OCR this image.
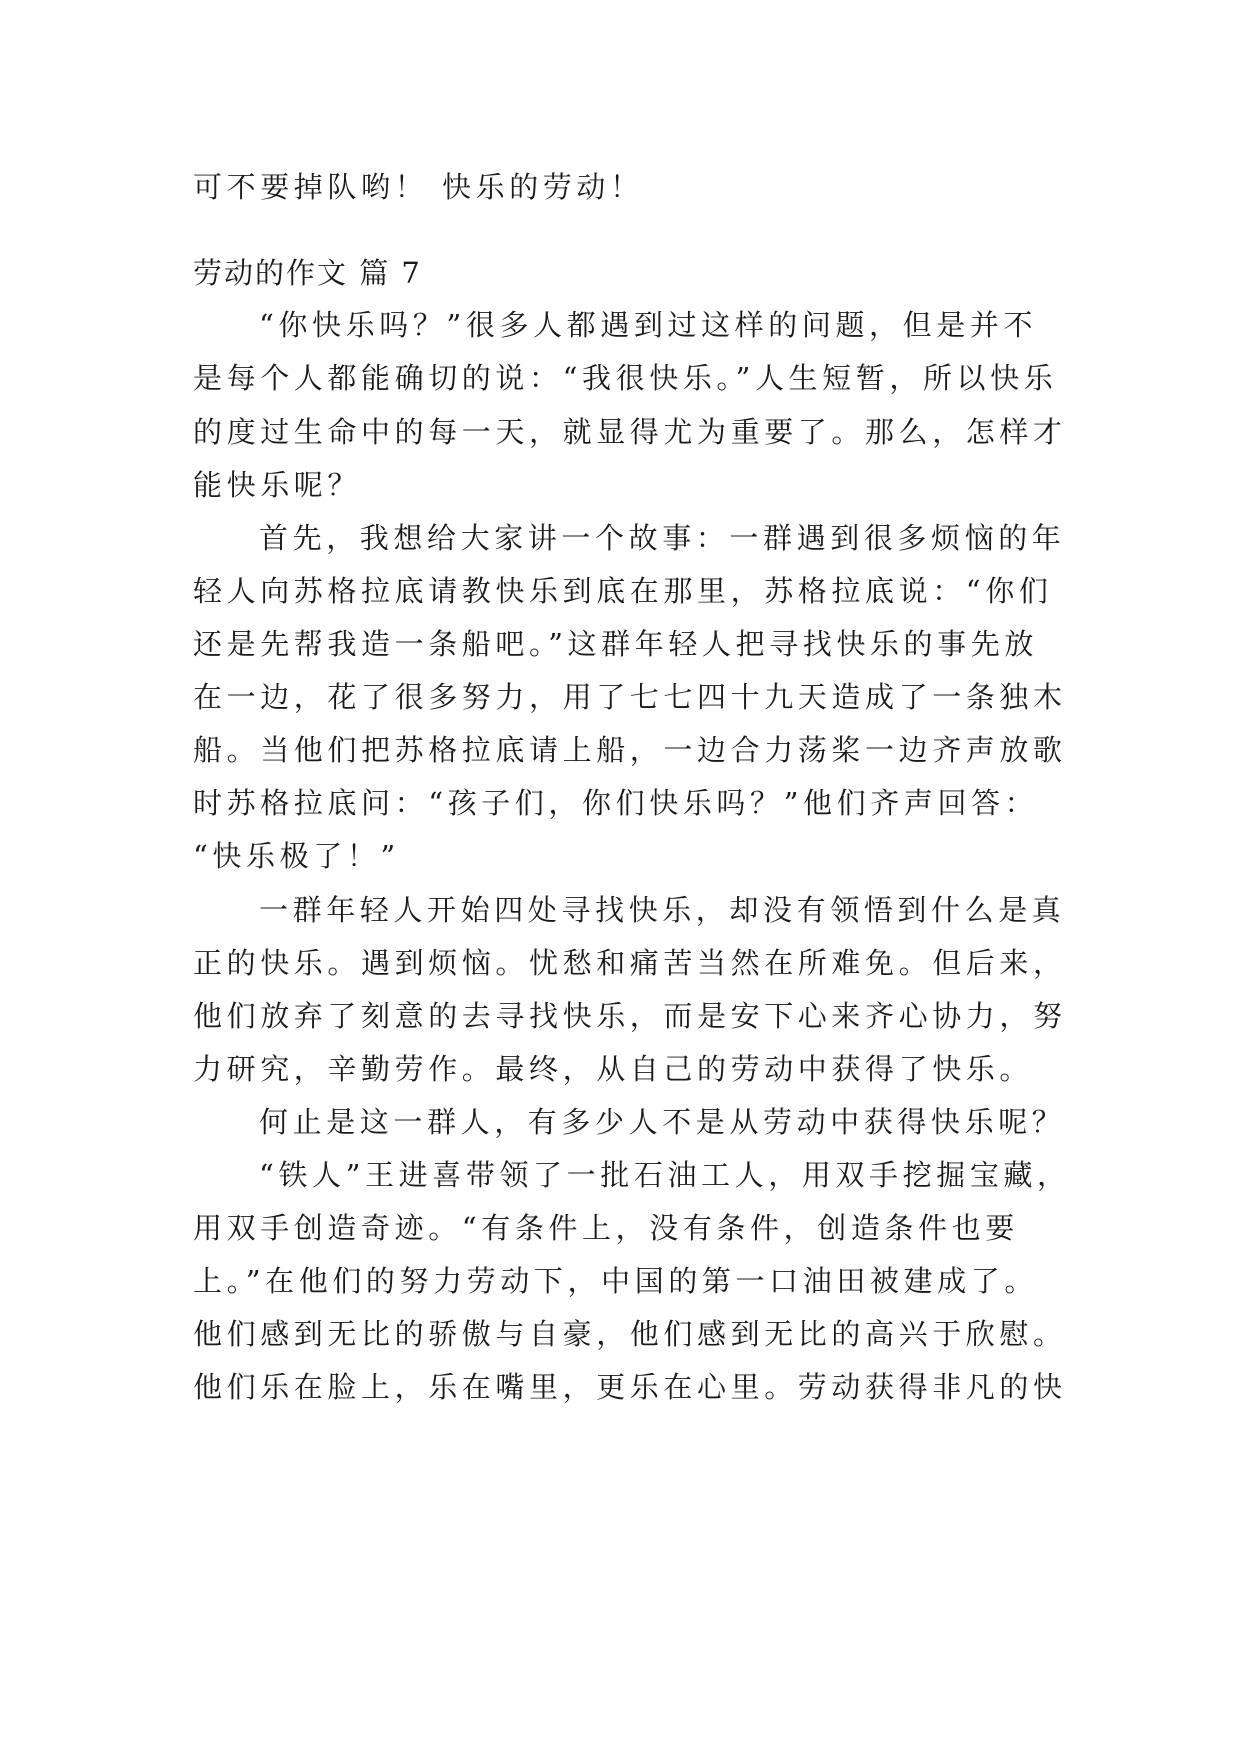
可不要掉队哟！ 快乐的劳动！
劳动的作文 篇 7
“你快乐吗？”很多人都遇到过这样的问题，但是并不
是每个人都能确切的说：“我很快乐。”人生短暂，所以快乐
的度过生命中的每一天，就显得尤为重要了。那么，怎样才
能快乐呢？
首先，我想给大家讲一个故事：一群遇到很多烦恼的年
轻人向苏格拉底请教快乐到底在那里，苏格拉底说：“你们
还是先帮我造一条船吧。”这群年轻人把寻找快乐的事先放
在一边，花了很多努力，用了七七四十九天造成了一条独木
船。当他们把苏格拉底请上船，一边合力荡桨一边齐声放歌
时苏格拉底问：“孩子们，你们快乐吗？”他们齐声回答：
“快乐极了！”
一群年轻人开始四处寻找快乐，却没有领悟到什么是真
正的快乐。遇到烦恼。忧愁和痛苦当然在所难免。但后来，
他们放弃了刻意的去寻找快乐，而是安下心来齐心协力，努
力研究，辛勤劳作。最终，从自己的劳动中获得了快乐。
何止是这一群人，有多少人不是从劳动中获得快乐呢？
“铁人”王进喜带领了一批石油工人，用双手挖掘宝藏，
用双手创造奇迹。“有条件上，没有条件，创造条件也要
上。”在他们的努力劳动下，中国的第一口油田被建成了。
他们感到无比的骄傲与自豪，他们感到无比的高兴于欣慰。
他们乐在脸上，乐在嘴里，更乐在心里。劳动获得非凡的快
